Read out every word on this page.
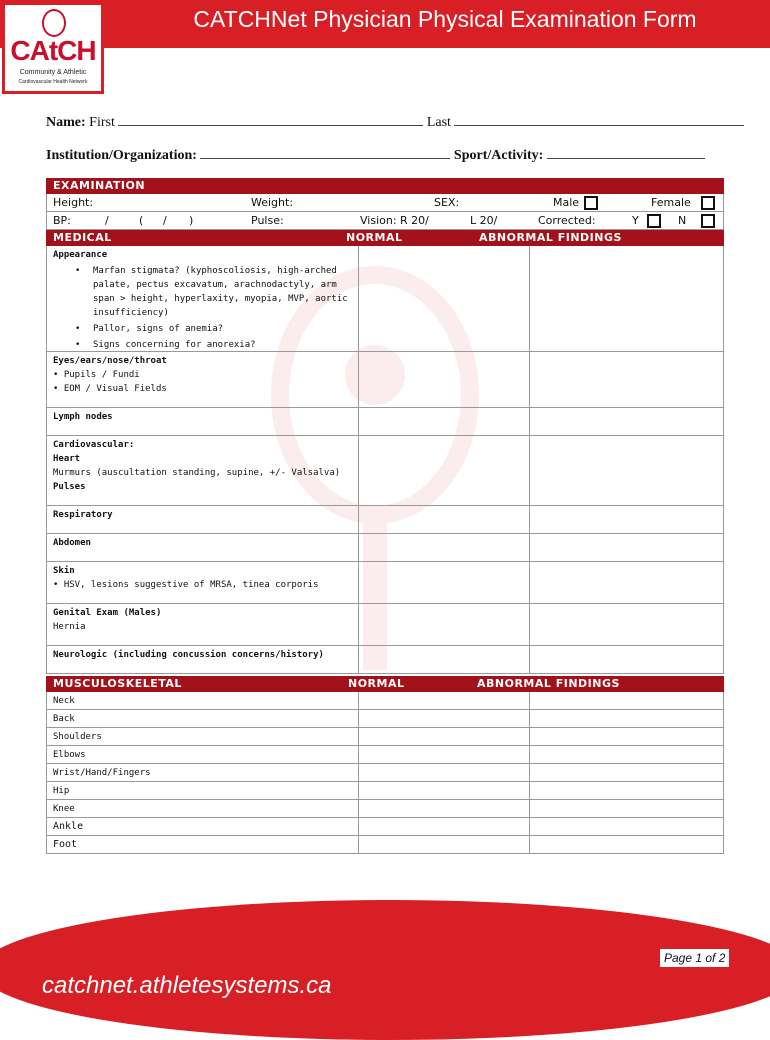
CATCHNet Physician Physical Examination Form
CAtCH
Community & Athletic
Cardiovascular Health Network
Name: First	Last
Institution/Organization:	Sport/Activity:
EXAMINATION
Height:	Weight:	SEX:	Male	Female
BP:	/	( / )	Pulse:	Vision: R 20/	L 20/	Corrected:	Y	N
MEDICAL	NORMAL	ABNORMAL FINDINGS
Appearance
• Marfan stigmata? (kyphoscoliosis, high-arched palate, pectus excavatum, arachnodactyly, arm span > height, hyperlaxity, myopia, MVP, aortic insufficiency)
• Pallor, signs of anemia?
• Signs concerning for anorexia?
Eyes/ears/nose/throat
• Pupils / Fundi
• EOM / Visual Fields
Lymph nodes
Cardiovascular:
Heart
Murmurs (auscultation standing, supine, +/- Valsalva)
Pulses
Respiratory
Abdomen
Skin
• HSV, lesions suggestive of MRSA, tinea corporis
Genital Exam (Males)
Hernia
Neurologic (including concussion concerns/history)
MUSCULOSKELETAL	NORMAL	ABNORMAL FINDINGS
Neck
Back
Shoulders
Elbows
Wrist/Hand/Fingers
Hip
Knee
Ankle
Foot
Page 1 of 2
catchnet.athletesystems.ca
